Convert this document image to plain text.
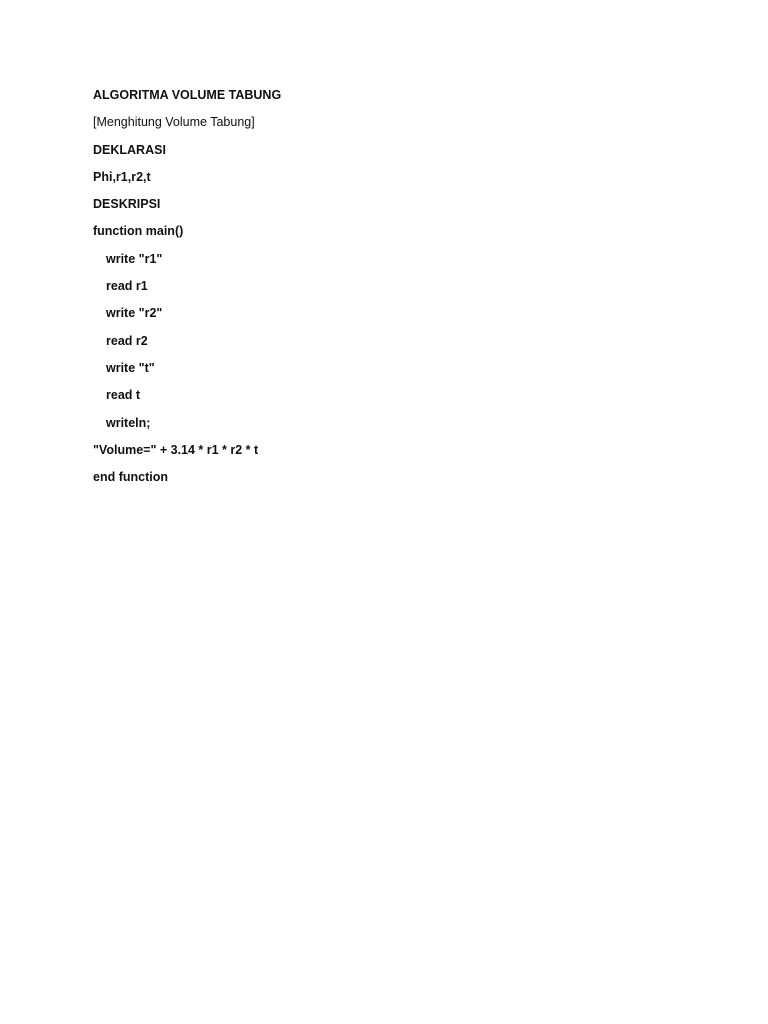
ALGORITMA VOLUME TABUNG
[Menghitung Volume Tabung]
DEKLARASI
Phi,r1,r2,t
DESKRIPSI
function main()
write "r1"
read r1
write "r2"
read r2
write "t"
read t
writeln;
"Volume=" + 3.14 * r1 * r2 * t
end function
